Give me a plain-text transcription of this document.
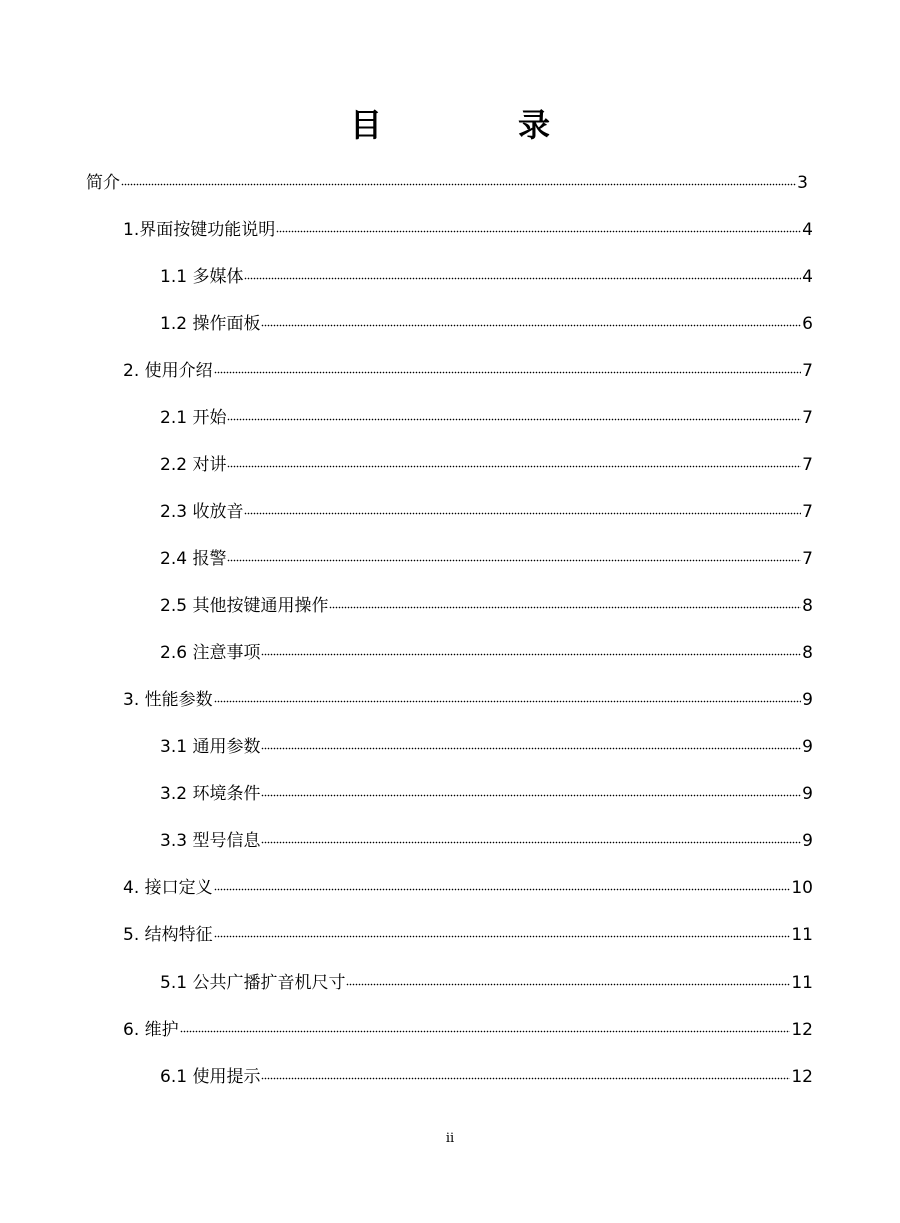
目　录
简介	3
1.界面按键功能说明	4
1.1 多媒体	4
1.2 操作面板	6
2. 使用介绍	7
2.1 开始	7
2.2 对讲	7
2.3 收放音	7
2.4 报警	7
2.5 其他按键通用操作	8
2.6 注意事项	8
3. 性能参数	9
3.1 通用参数	9
3.2 环境条件	9
3.3 型号信息	9
4. 接口定义	10
5. 结构特征	11
5.1 公共广播扩音机尺寸	11
6. 维护	12
6.1 使用提示	12
ii
